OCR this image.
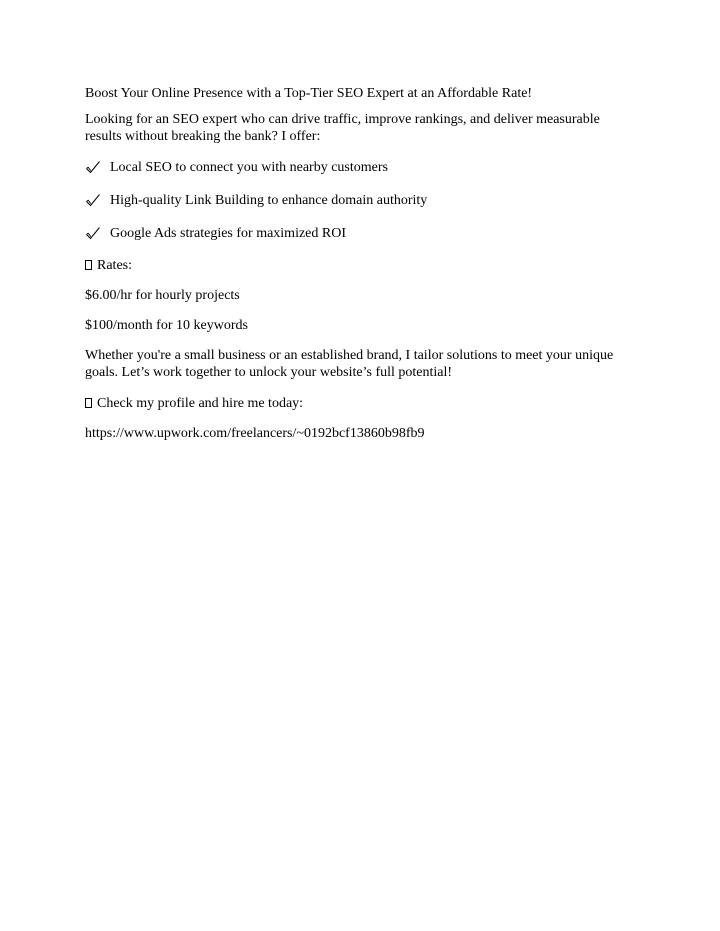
Boost Your Online Presence with a Top-Tier SEO Expert at an Affordable Rate!

Looking for an SEO expert who can drive traffic, improve rankings, and deliver measurable results without breaking the bank? I offer:

Local SEO to connect you with nearby customers
High-quality Link Building to enhance domain authority
Google Ads strategies for maximized ROI

Rates:

$6.00/hr for hourly projects

$100/month for 10 keywords

Whether you're a small business or an established brand, I tailor solutions to meet your unique goals. Let’s work together to unlock your website’s full potential!

Check my profile and hire me today:

https://www.upwork.com/freelancers/~0192bcf13860b98fb9
